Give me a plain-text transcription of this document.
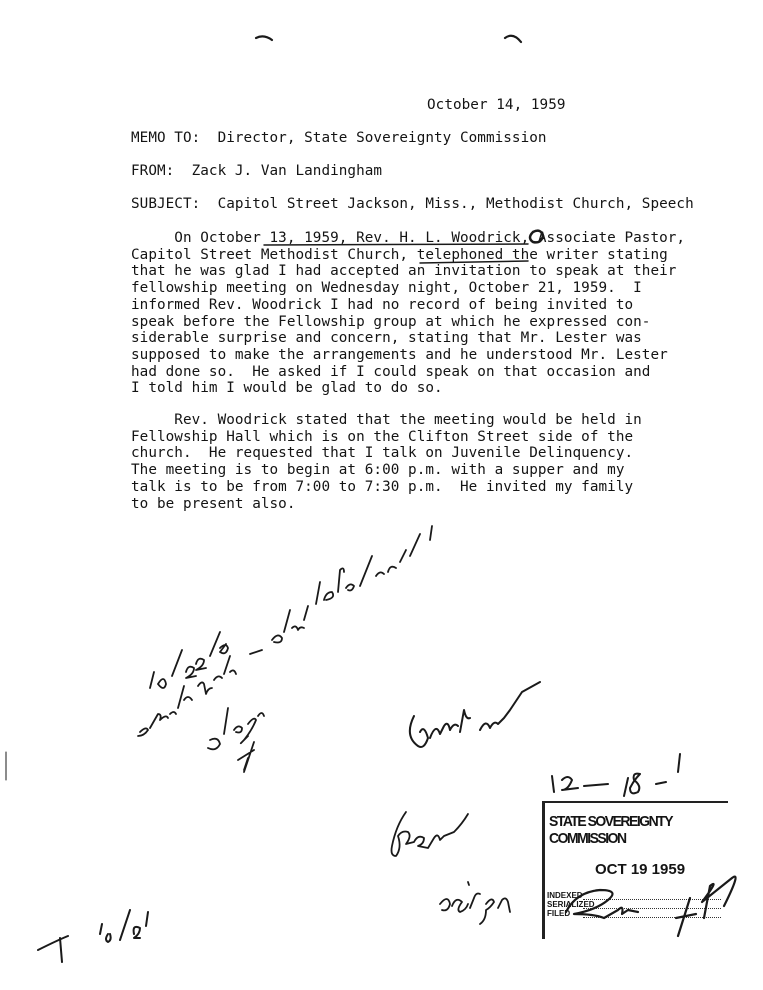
October 14, 1959
MEMO TO:  Director, State Sovereignty Commission
FROM:  Zack J. Van Landingham
SUBJECT:  Capitol Street Jackson, Miss., Methodist Church, Speech
On October 13, 1959, Rev. H. L. Woodrick, Associate Pastor,
Capitol Street Methodist Church, telephoned the writer stating
that he was glad I had accepted an invitation to speak at their
fellowship meeting on Wednesday night, October 21, 1959.  I
informed Rev. Woodrick I had no record of being invited to
speak before the Fellowship group at which he expressed con-
siderable surprise and concern, stating that Mr. Lester was
supposed to make the arrangements and he understood Mr. Lester
had done so.  He asked if I could speak on that occasion and
I told him I would be glad to do so.
Rev. Woodrick stated that the meeting would be held in
Fellowship Hall which is on the Clifton Street side of the
church.  He requested that I talk on Juvenile Delinquency.
The meeting is to begin at 6:00 p.m. with a supper and my
talk is to be from 7:00 to 7:30 p.m.  He invited my family
to be present also.
STATE SOVEREIGNTY COMMISSION
OCT 19 1959
INDEXED
SERIALIZED
FILED
